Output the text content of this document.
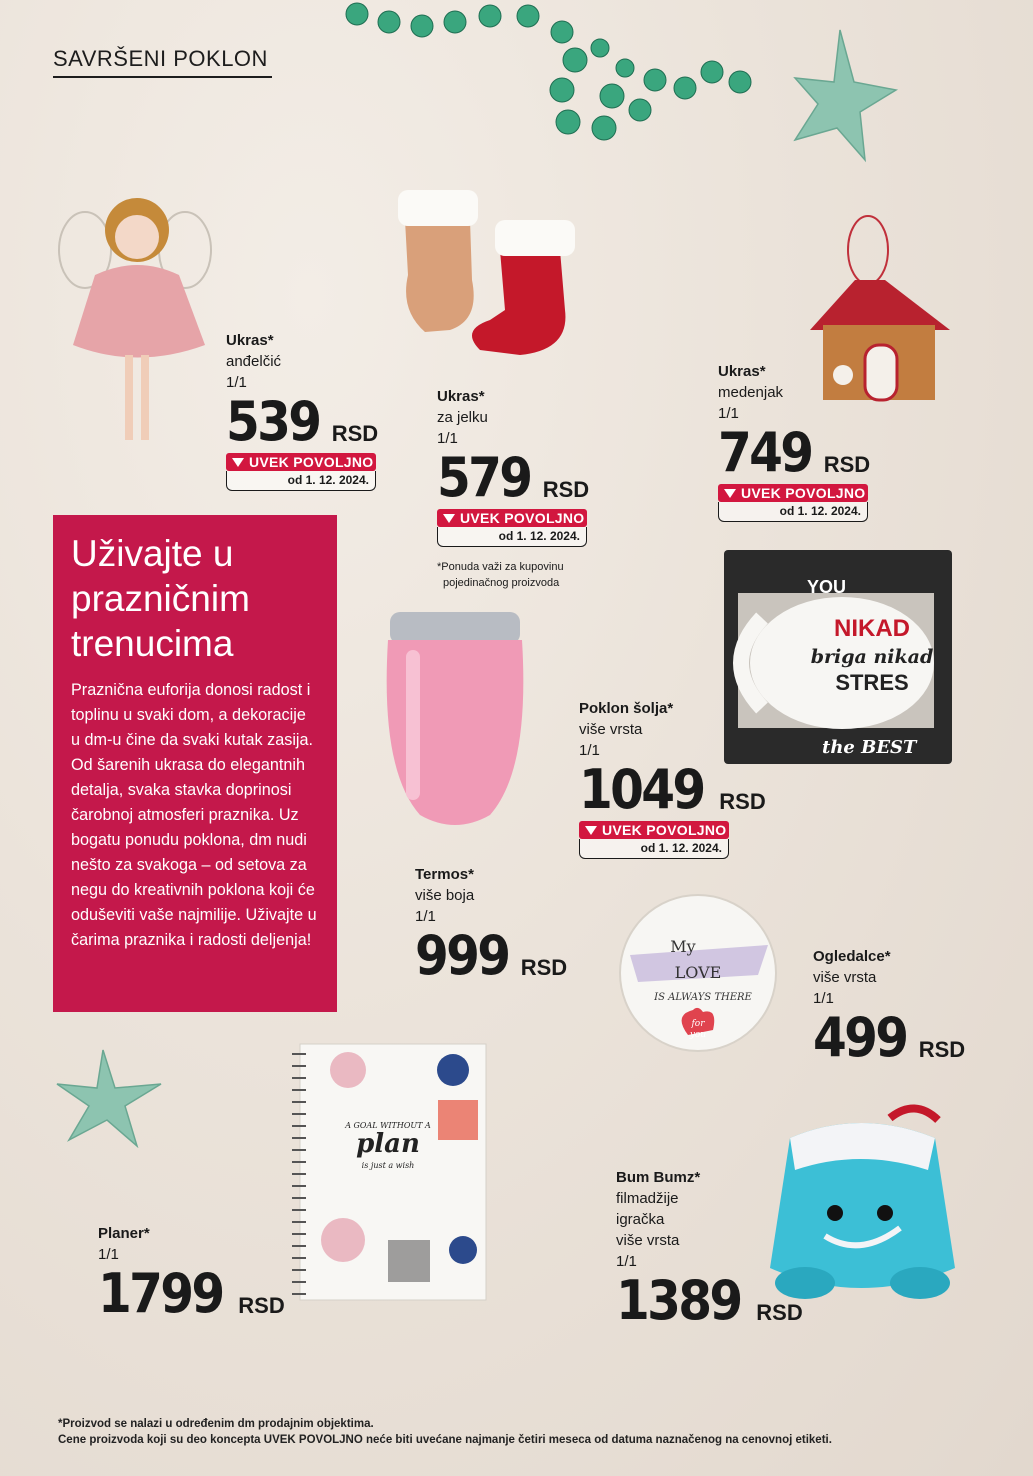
SAVRŠENI POKLON
YOU
NIKAD
briga nikad
STRES
the BEST
My
LOVE
IS ALWAYS THERE
for
you
A GOAL WITHOUT A
plan
is just a wish
Ukras*
anđelčić
1/1
539 RSD
UVEK POVOLJNO
od 1. 12. 2024.
Ukras*
za jelku
1/1
579 RSD
UVEK POVOLJNO
od 1. 12. 2024.
*Ponuda važi za kupovinu
pojedinačnog proizvoda
Ukras*
medenjak
1/1
749 RSD
UVEK POVOLJNO
od 1. 12. 2024.
Poklon šolja*
više vrsta
1/1
1049 RSD
UVEK POVOLJNO
od 1. 12. 2024.
Termos*
više boja
1/1
999 RSD	Ogledalce*
više vrsta
1/1
499 RSD
Planer*
1/1
1799 RSD
Bum Bumz*
filmadžije
igračka
više vrsta
1/1
1389 RSD
Uživajte u
prazničnim
trenucima

Praznična euforija donosi radost i toplinu u svaki dom, a dekoracije u dm-u čine da svaki kutak zasija. Od šarenih ukrasa do elegantnih detalja, svaka stavka doprinosi čarobnoj atmosferi praznika. Uz bogatu ponudu poklona, dm nudi nešto za svakoga – od setova za negu do kreativnih poklona koji će oduševiti vaše najmilije. Uživajte u čarima praznika i radosti deljenja!

*Proizvod se nalazi u određenim dm prodajnim objektima.
Cene proizvoda koji su deo koncepta UVEK POVOLJNO neće biti uvećane najmanje četiri meseca od datuma naznačenog na cenovnoj etiketi.
